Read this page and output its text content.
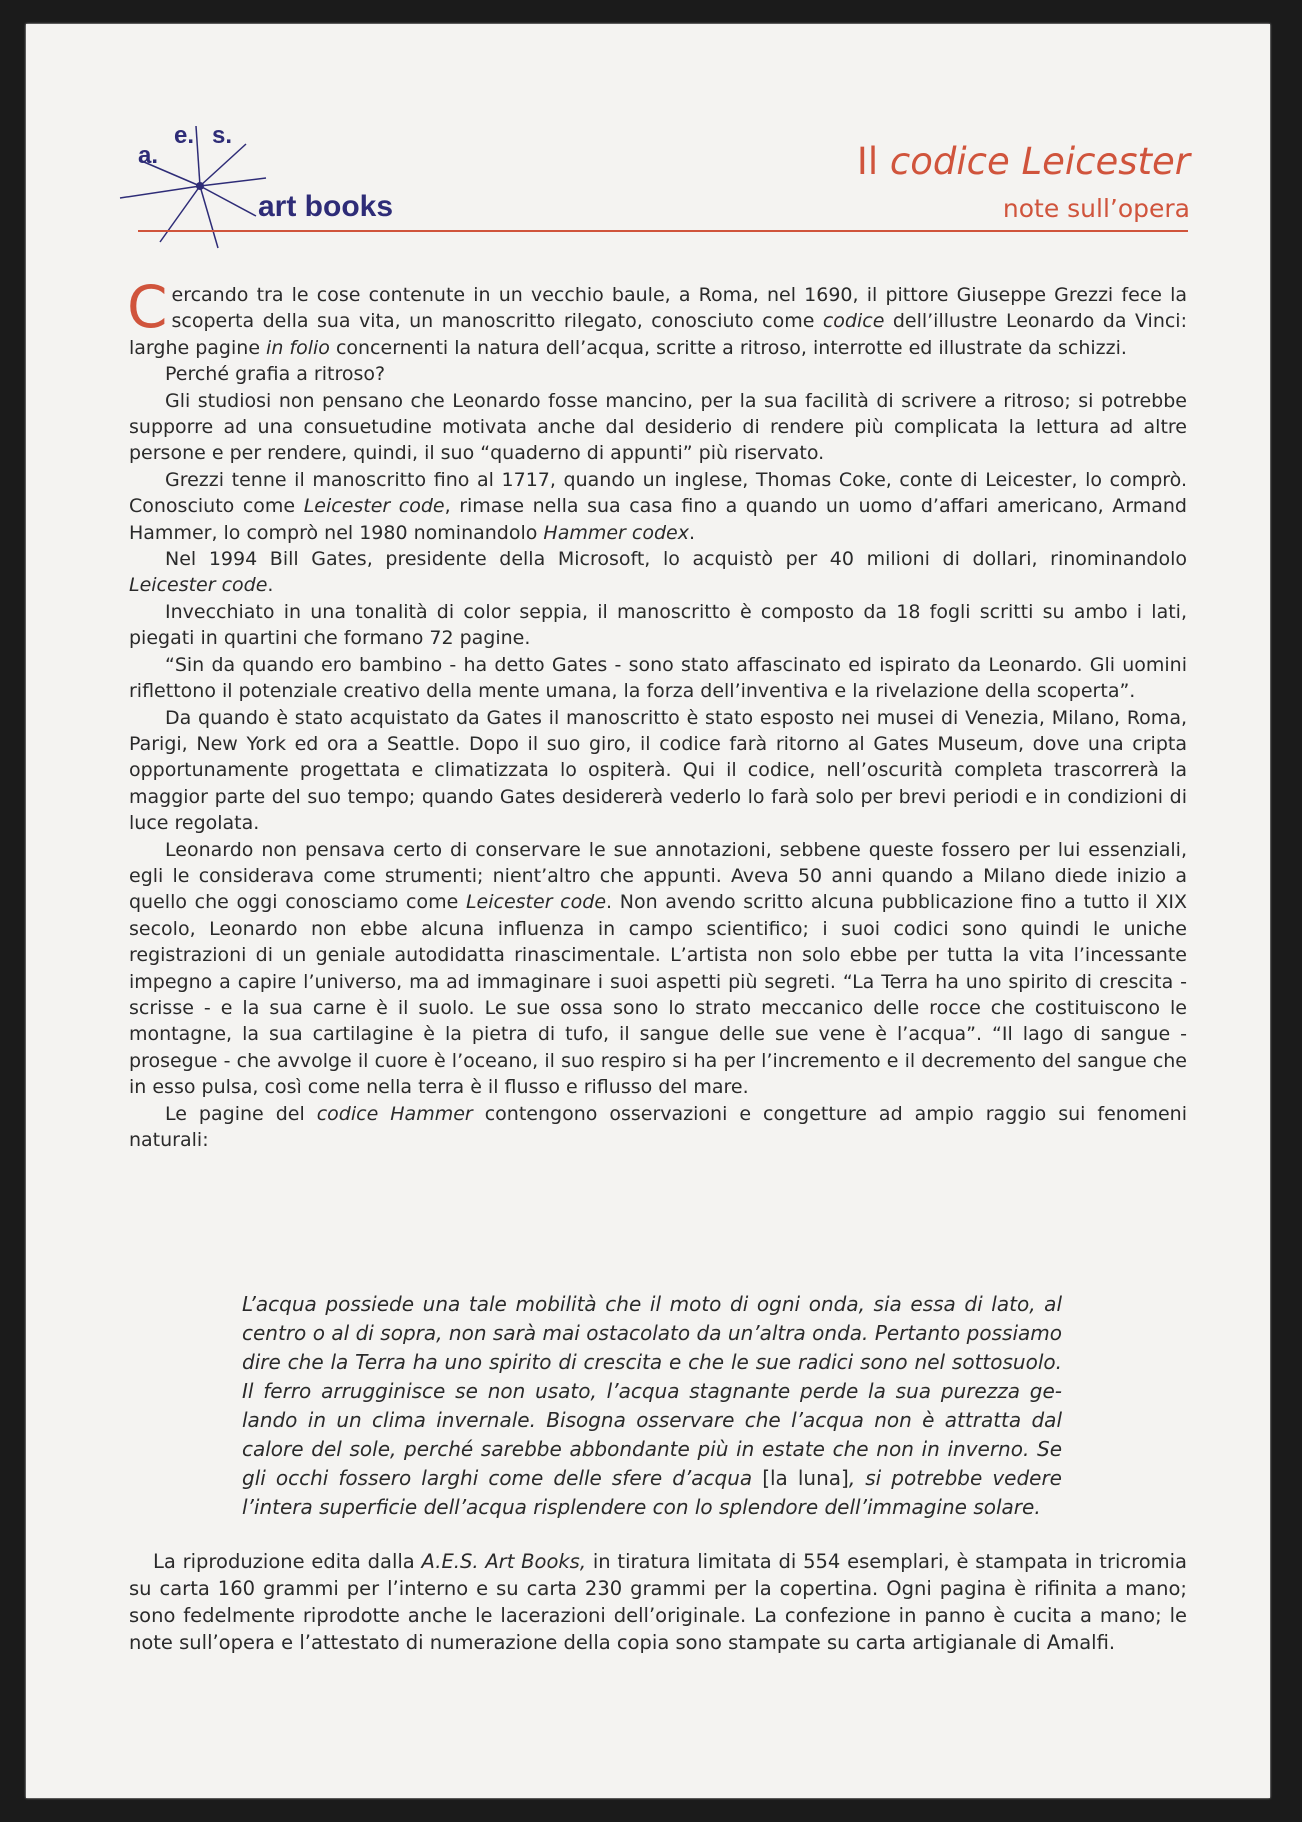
a.
e. s.
art books
Il codice Leicester
note sull’opera

Cercando tra le cose contenute in un vecchio baule, a Roma, nel 1690, il pittore Giuseppe Grezzi fece la scoperta della sua vita, un manoscritto rilegato, conosciuto come codice dell’illustre Leonardo da Vinci: larghe pagine in folio concernenti la natura dell’acqua, scritte a ritroso, interrotte ed illustrate da schizzi.

Perché grafia a ritroso?

Gli studiosi non pensano che Leonardo fosse mancino, per la sua facilità di scrivere a ritroso; si potrebbe supporre ad una consuetudine motivata anche dal desiderio di rendere più complicata la lettura ad altre persone e per rendere, quindi, il suo “quaderno di appunti” più riservato.

Grezzi tenne il manoscritto fino al 1717, quando un inglese, Thomas Coke, conte di Leicester, lo comprò. Conosciuto come Leicester code, rimase nella sua casa fino a quando un uomo d’affari americano, Armand Hammer, lo comprò nel 1980 nominandolo Hammer codex.

Nel 1994 Bill Gates, presidente della Microsoft, lo acquistò per 40 milioni di dollari, rinominandolo Leicester code.

Invecchiato in una tonalità di color seppia, il manoscritto è composto da 18 fogli scritti su ambo i lati, piegati in quartini che formano 72 pagine.

“Sin da quando ero bambino - ha detto Gates - sono stato affascinato ed ispirato da Leonardo. Gli uomini riflettono il potenziale creativo della mente umana, la forza dell’inventiva e la rivelazione della scoperta”.

Da quando è stato acquistato da Gates il manoscritto è stato esposto nei musei di Venezia, Milano, Roma, Parigi, New York ed ora a Seattle. Dopo il suo giro, il codice farà ritorno al Gates Museum, dove una cripta opportunamente progettata e climatizzata lo ospiterà. Qui il codice, nell’oscurità completa trascorrerà la maggior parte del suo tempo; quando Gates desidererà vederlo lo farà solo per brevi periodi e in condizioni di luce regolata.

Leonardo non pensava certo di conservare le sue annotazioni, sebbene queste fossero per lui essenziali, egli le considerava come strumenti; nient’altro che appunti. Aveva 50 anni quando a Milano diede inizio a quello che oggi conosciamo come Leicester code. Non avendo scritto alcuna pubblicazione fino a tutto il XIX secolo, Leonardo non ebbe alcuna influenza in campo scientifico; i suoi codici sono quindi le uniche registrazioni di un geniale autodidatta rinascimentale. L’artista non solo ebbe per tutta la vita l’incessante impegno a capire l’universo, ma ad immaginare i suoi aspetti più segreti. “La Terra ha uno spirito di crescita - scrisse - e la sua carne è il suolo. Le sue ossa sono lo strato meccanico delle rocce che costituiscono le montagne, la sua cartilagine è la pietra di tufo, il sangue delle sue vene è l’acqua”. “Il lago di sangue - prosegue - che avvolge il cuore è l’oceano, il suo respiro si ha per l’incremento e il decremento del sangue che in esso pulsa, così come nella terra è il flusso e riflusso del mare.

Le pagine del codice Hammer contengono osservazioni e congetture ad ampio raggio sui fenomeni naturali:

L’acqua possiede una tale mobilità che il moto di ogni onda, sia essa di lato, al centro o al di sopra, non sarà mai ostacolato da un’altra onda. Pertanto possiamo dire che la Terra ha uno spirito di crescita e che le sue radici sono nel sottosuolo. Il ferro arrugginisce se non usato, l’acqua stagnante perde la sua purezza gelando in un clima invernale. Bisogna osservare che l’acqua non è attratta dal calore del sole, perché sarebbe abbondante più in estate che non in inverno. Se gli occhi fossero larghi come delle sfere d’acqua [la luna], si potrebbe vedere l’intera superficie dell’acqua risplendere con lo splendore dell’immagine solare.

La riproduzione edita dalla A.E.S. Art Books, in tiratura limitata di 554 esemplari, è stampata in tricromia su carta 160 grammi per l’interno e su carta 230 grammi per la copertina. Ogni pagina è rifinita a mano; sono fedelmente riprodotte anche le lacerazioni dell’originale. La confezione in panno è cucita a mano; le note sull’opera e l’attestato di numerazione della copia sono stampate su carta artigianale di Amalfi.
